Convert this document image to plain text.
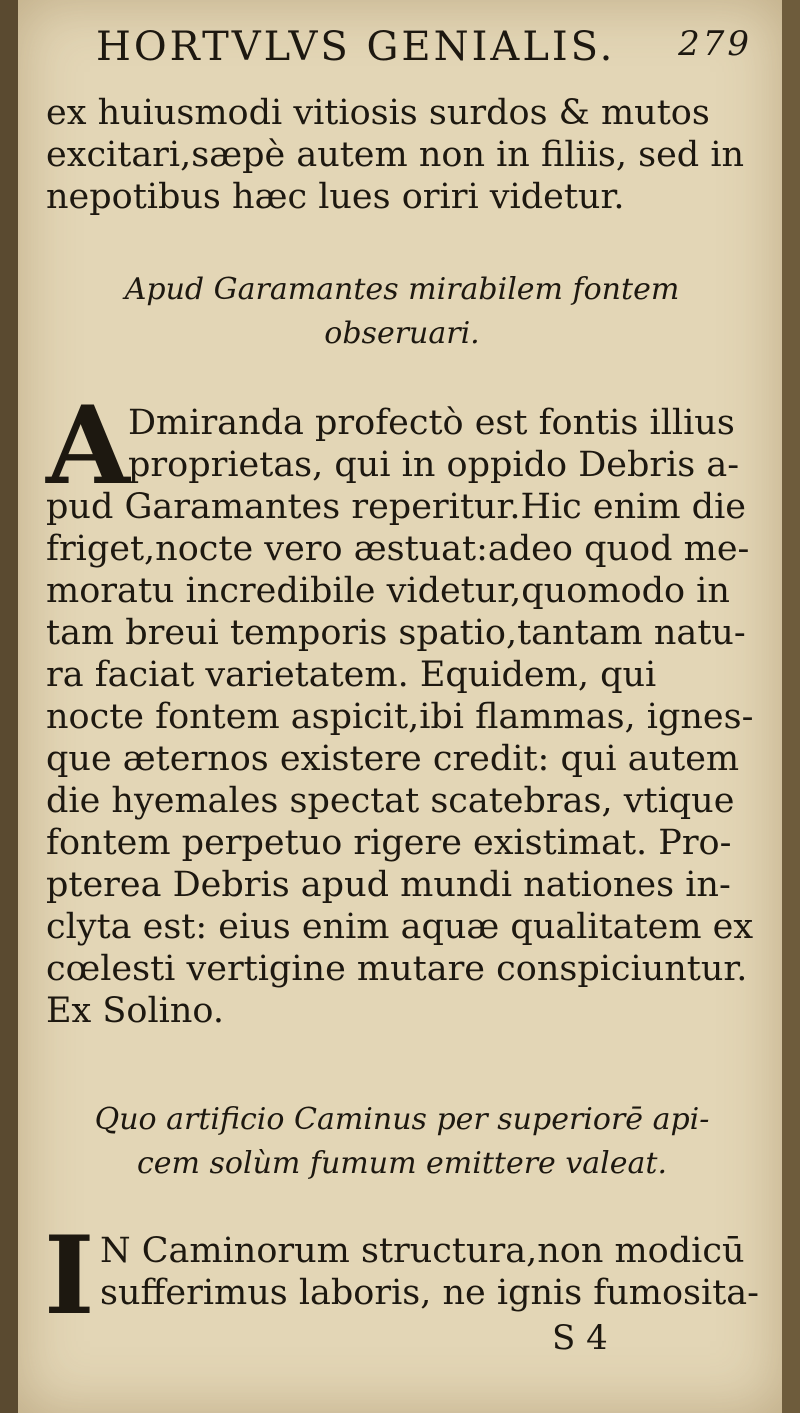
HORTVLVS GENIALIS. 279
ex huiusmodi vitiosis surdos & mutos
excitari,sæpè autem non in filiis, sed in
nepotibus hæc lues oriri videtur.
Apud Garamantes mirabilem fontem
obseruari.
A
Dmiranda profectò est fontis illius
proprietas, qui in oppido Debris a-
pud Garamantes reperitur.Hic enim die
friget,nocte vero æstuat:adeo quod me-
moratu incredibile videtur,quomodo in
tam breui temporis spatio,tantam natu-
ra faciat varietatem. Equidem, qui
nocte fontem aspicit,ibi flammas, ignes-
que æternos existere credit: qui autem
die hyemales spectat scatebras, vtique
fontem perpetuo rigere existimat. Pro-
pterea Debris apud mundi nationes in-
clyta est: eius enim aquæ qualitatem ex
cœlesti vertigine mutare conspiciuntur.
Ex Solino.
Quo artificio Caminus per superiorē api-
cem solùm fumum emittere valeat.
I N Caminorum structura,non modicū
sufferimus laboris, ne ignis fumosita-
S 4
